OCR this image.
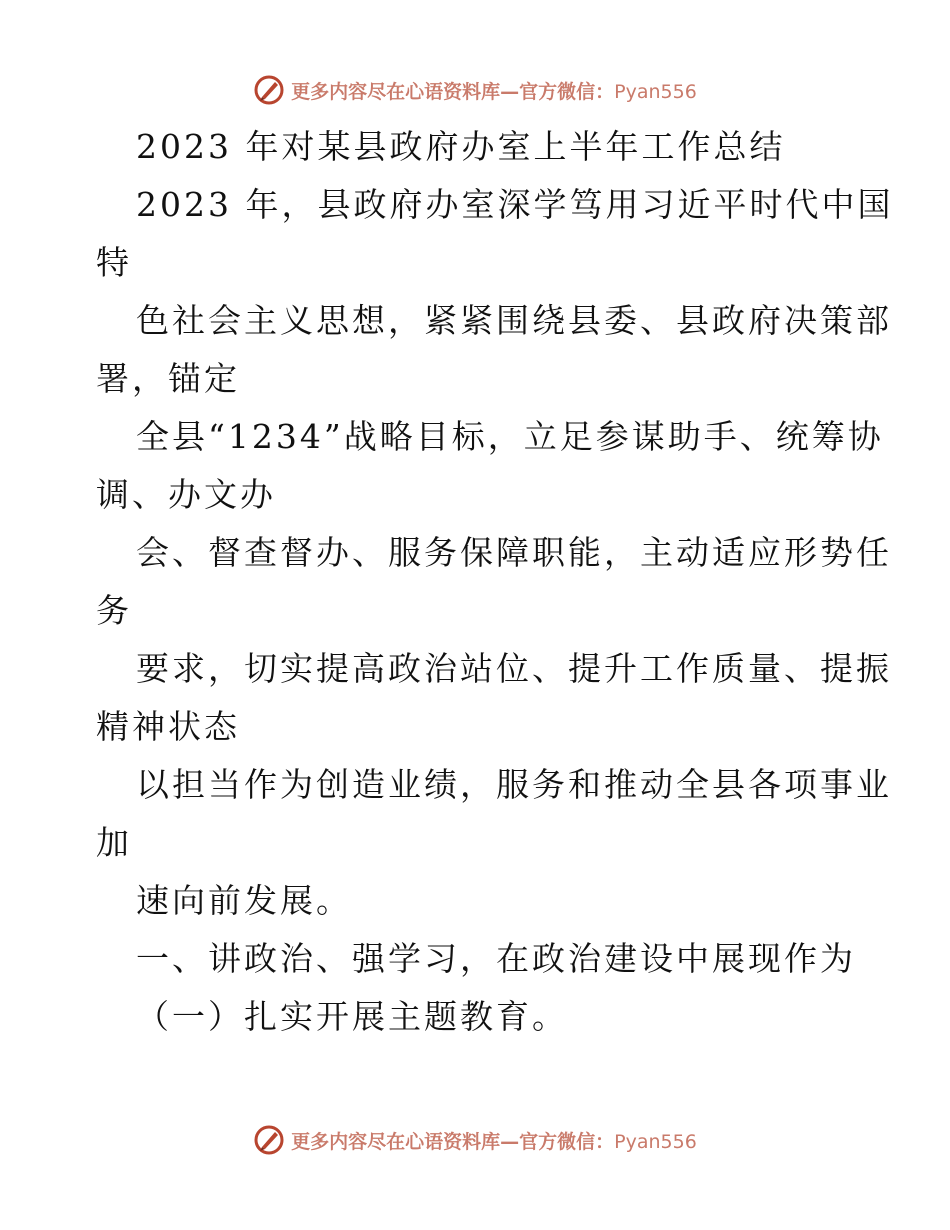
更多内容尽在心语资料库—官方微信：Pyan556
2023 年对某县政府办室上半年工作总结
2023 年，县政府办室深学笃用习近平时代中国
特
色社会主义思想，紧紧围绕县委、县政府决策部
署，锚定
全县“1234”战略目标，立足参谋助手、统筹协
调、办文办
会、督查督办、服务保障职能，主动适应形势任
务
要求，切实提高政治站位、提升工作质量、提振
精神状态
以担当作为创造业绩，服务和推动全县各项事业
加
速向前发展。
一、讲政治、强学习，在政治建设中展现作为
（一）扎实开展主题教育。
更多内容尽在心语资料库—官方微信：Pyan556
